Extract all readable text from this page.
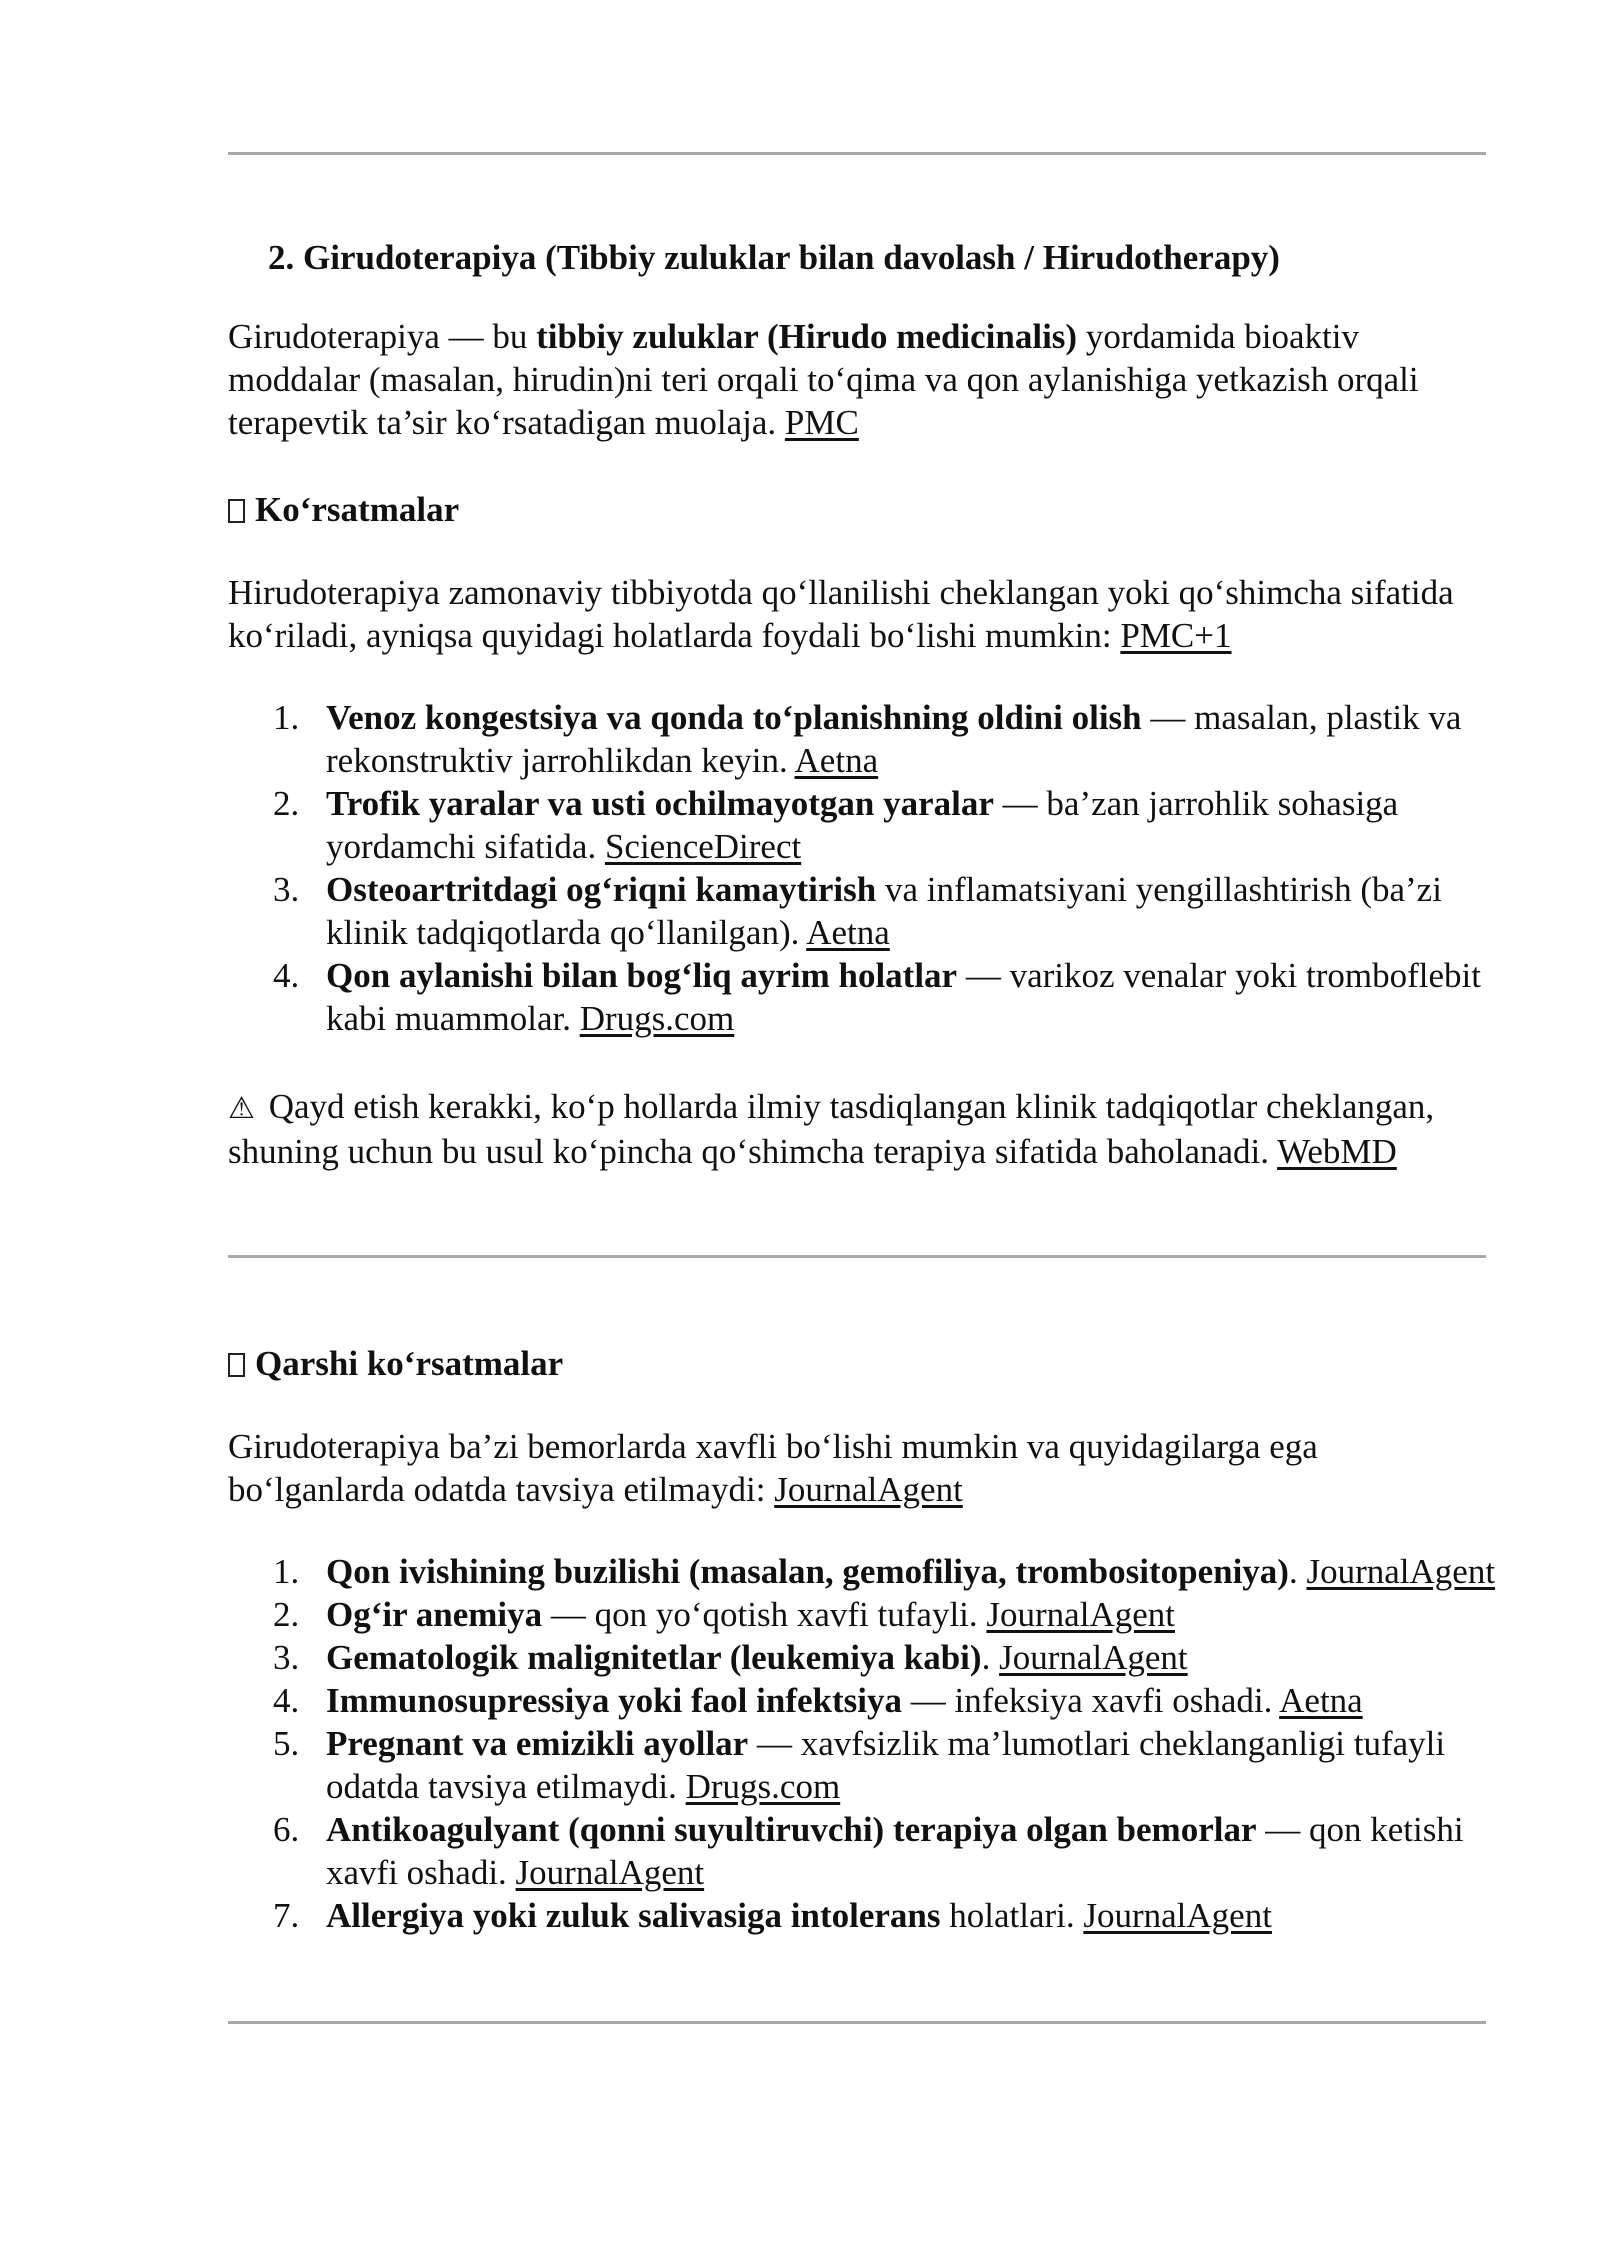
2. Girudoterapiya (Tibbiy zuluklar bilan davolash / Hirudotherapy)

Girudoterapiya — bu tibbiy zuluklar (Hirudo medicinalis) yordamida bioaktiv moddalar (masalan, hirudin)ni teri orqali to‘qima va qon aylanishiga yetkazish orqali terapevtik ta’sir ko‘rsatadigan muolaja. PMC

Ko‘rsatmalar

Hirudoterapiya zamonaviy tibbiyotda qo‘llanilishi cheklangan yoki qo‘shimcha sifatida ko‘riladi, ayniqsa quyidagi holatlarda foydali bo‘lishi mumkin: PMC+1

1. Venoz kongestsiya va qonda to‘planishning oldini olish — masalan, plastik va rekonstruktiv jarrohlikdan keyin. Aetna
2. Trofik yaralar va usti ochilmayotgan yaralar — ba’zan jarrohlik sohasiga yordamchi sifatida. ScienceDirect
3. Osteoartritdagi og‘riqni kamaytirish va inflamatsiyani yengillashtirish (ba’zi klinik tadqiqotlarda qo‘llanilgan). Aetna
4. Qon aylanishi bilan bog‘liq ayrim holatlar — varikoz venalar yoki tromboflebit kabi muammolar. Drugs.com

⚠ Qayd etish kerakki, ko‘p hollarda ilmiy tasdiqlangan klinik tadqiqotlar cheklangan, shuning uchun bu usul ko‘pincha qo‘shimcha terapiya sifatida baholanadi. WebMD

Qarshi ko‘rsatmalar

Girudoterapiya ba’zi bemorlarda xavfli bo‘lishi mumkin va quyidagilarga ega bo‘lganlarda odatda tavsiya etilmaydi: JournalAgent

1. Qon ivishining buzilishi (masalan, gemofiliya, trombositopeniya). JournalAgent
2. Og‘ir anemiya — qon yo‘qotish xavfi tufayli. JournalAgent
3. Gematologik malignitetlar (leukemiya kabi). JournalAgent
4. Immunosupressiya yoki faol infektsiya — infeksiya xavfi oshadi. Aetna
5. Pregnant va emizikli ayollar — xavfsizlik ma’lumotlari cheklanganligi tufayli odatda tavsiya etilmaydi. Drugs.com
6. Antikoagulyant (qonni suyultiruvchi) terapiya olgan bemorlar — qon ketishi xavfi oshadi. JournalAgent
7. Allergiya yoki zuluk salivasiga intolerans holatlari. JournalAgent
